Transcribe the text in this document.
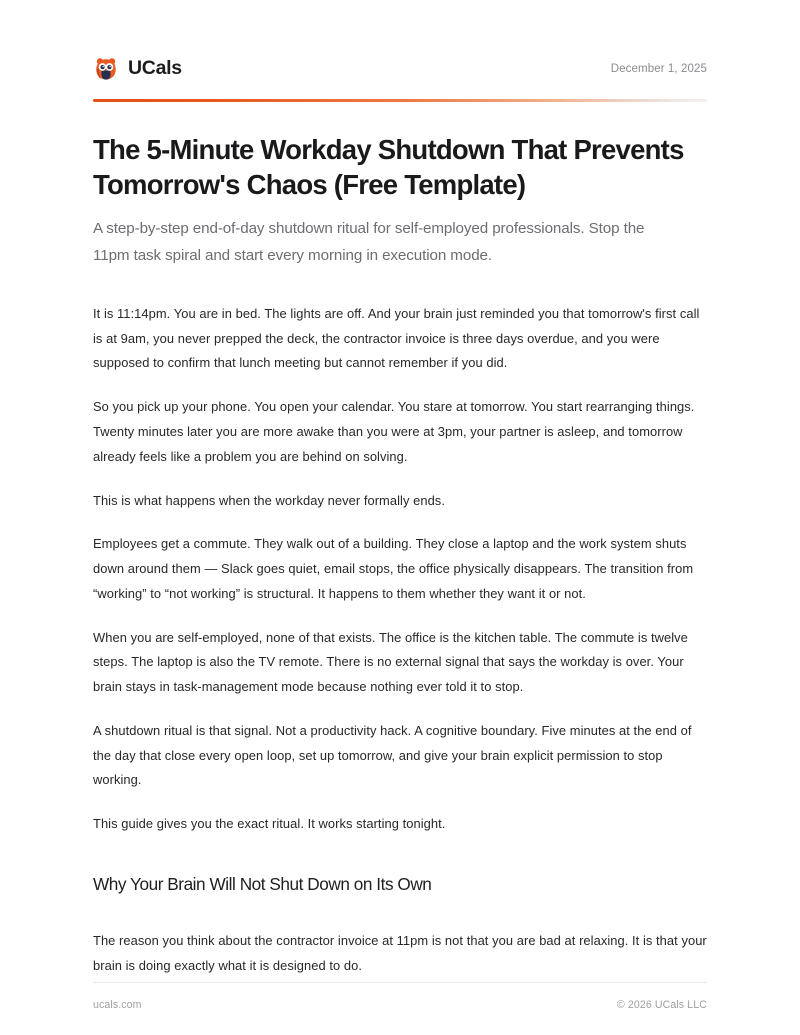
UCals	December 1, 2025
The 5-Minute Workday Shutdown That Prevents Tomorrow's Chaos (Free Template)

A step-by-step end-of-day shutdown ritual for self-employed professionals. Stop the 11pm task spiral and start every morning in execution mode.

It is 11:14pm. You are in bed. The lights are off. And your brain just reminded you that tomorrow's first call is at 9am, you never prepped the deck, the contractor invoice is three days overdue, and you were supposed to confirm that lunch meeting but cannot remember if you did.

So you pick up your phone. You open your calendar. You stare at tomorrow. You start rearranging things. Twenty minutes later you are more awake than you were at 3pm, your partner is asleep, and tomorrow already feels like a problem you are behind on solving.

This is what happens when the workday never formally ends.

Employees get a commute. They walk out of a building. They close a laptop and the work system shuts down around them — Slack goes quiet, email stops, the office physically disappears. The transition from “working” to “not working” is structural. It happens to them whether they want it or not.

When you are self-employed, none of that exists. The office is the kitchen table. The commute is twelve steps. The laptop is also the TV remote. There is no external signal that says the workday is over. Your brain stays in task-management mode because nothing ever told it to stop.

A shutdown ritual is that signal. Not a productivity hack. A cognitive boundary. Five minutes at the end of the day that close every open loop, set up tomorrow, and give your brain explicit permission to stop working.

This guide gives you the exact ritual. It works starting tonight.

Why Your Brain Will Not Shut Down on Its Own

The reason you think about the contractor invoice at 11pm is not that you are bad at relaxing. It is that your brain is doing exactly what it is designed to do.

ucals.com	© 2026 UCals LLC
